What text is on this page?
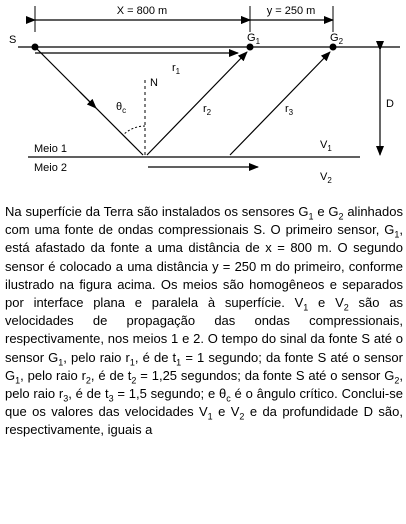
X = 800 m	y = 250 m
S	$G_1$	$G_2$
$r_1$
N
$\theta_c$	$r_2$	$r_3$
Meio 1
Meio 2
$V_1$
$V_2$
D

Na superfície da Terra são instalados os sensores $G_1$ e $G_2$ alinhados com uma fonte de ondas compressionais S. O primeiro sensor, $G_1$, está afastado da fonte a uma distância de x = 800 m. O segundo sensor é colocado a uma distância y = 250 m do primeiro, conforme ilustrado na figura acima. Os meios são homogêneos e separados por interface plana e paralela à superfície. $V_1$ e $V_2$ são as velocidades de propagação das ondas compressionais, respectivamente, nos meios 1 e 2. O tempo do sinal da fonte S até o sensor $G_1$, pelo raio $r_1$, é de $t_1 = 1$ segundo; da fonte S até o sensor $G_1$, pelo raio $r_2$, é de $t_2 = 1,25$ segundos; da fonte S até o sensor $G_2$, pelo raio $r_3$, é de $t_3 = 1,5$ segundo; e $\theta_c$ é o ângulo crítico. Conclui-se que os valores das velocidades $V_1$ e $V_2$ e da profundidade D são, respectivamente, iguais a
